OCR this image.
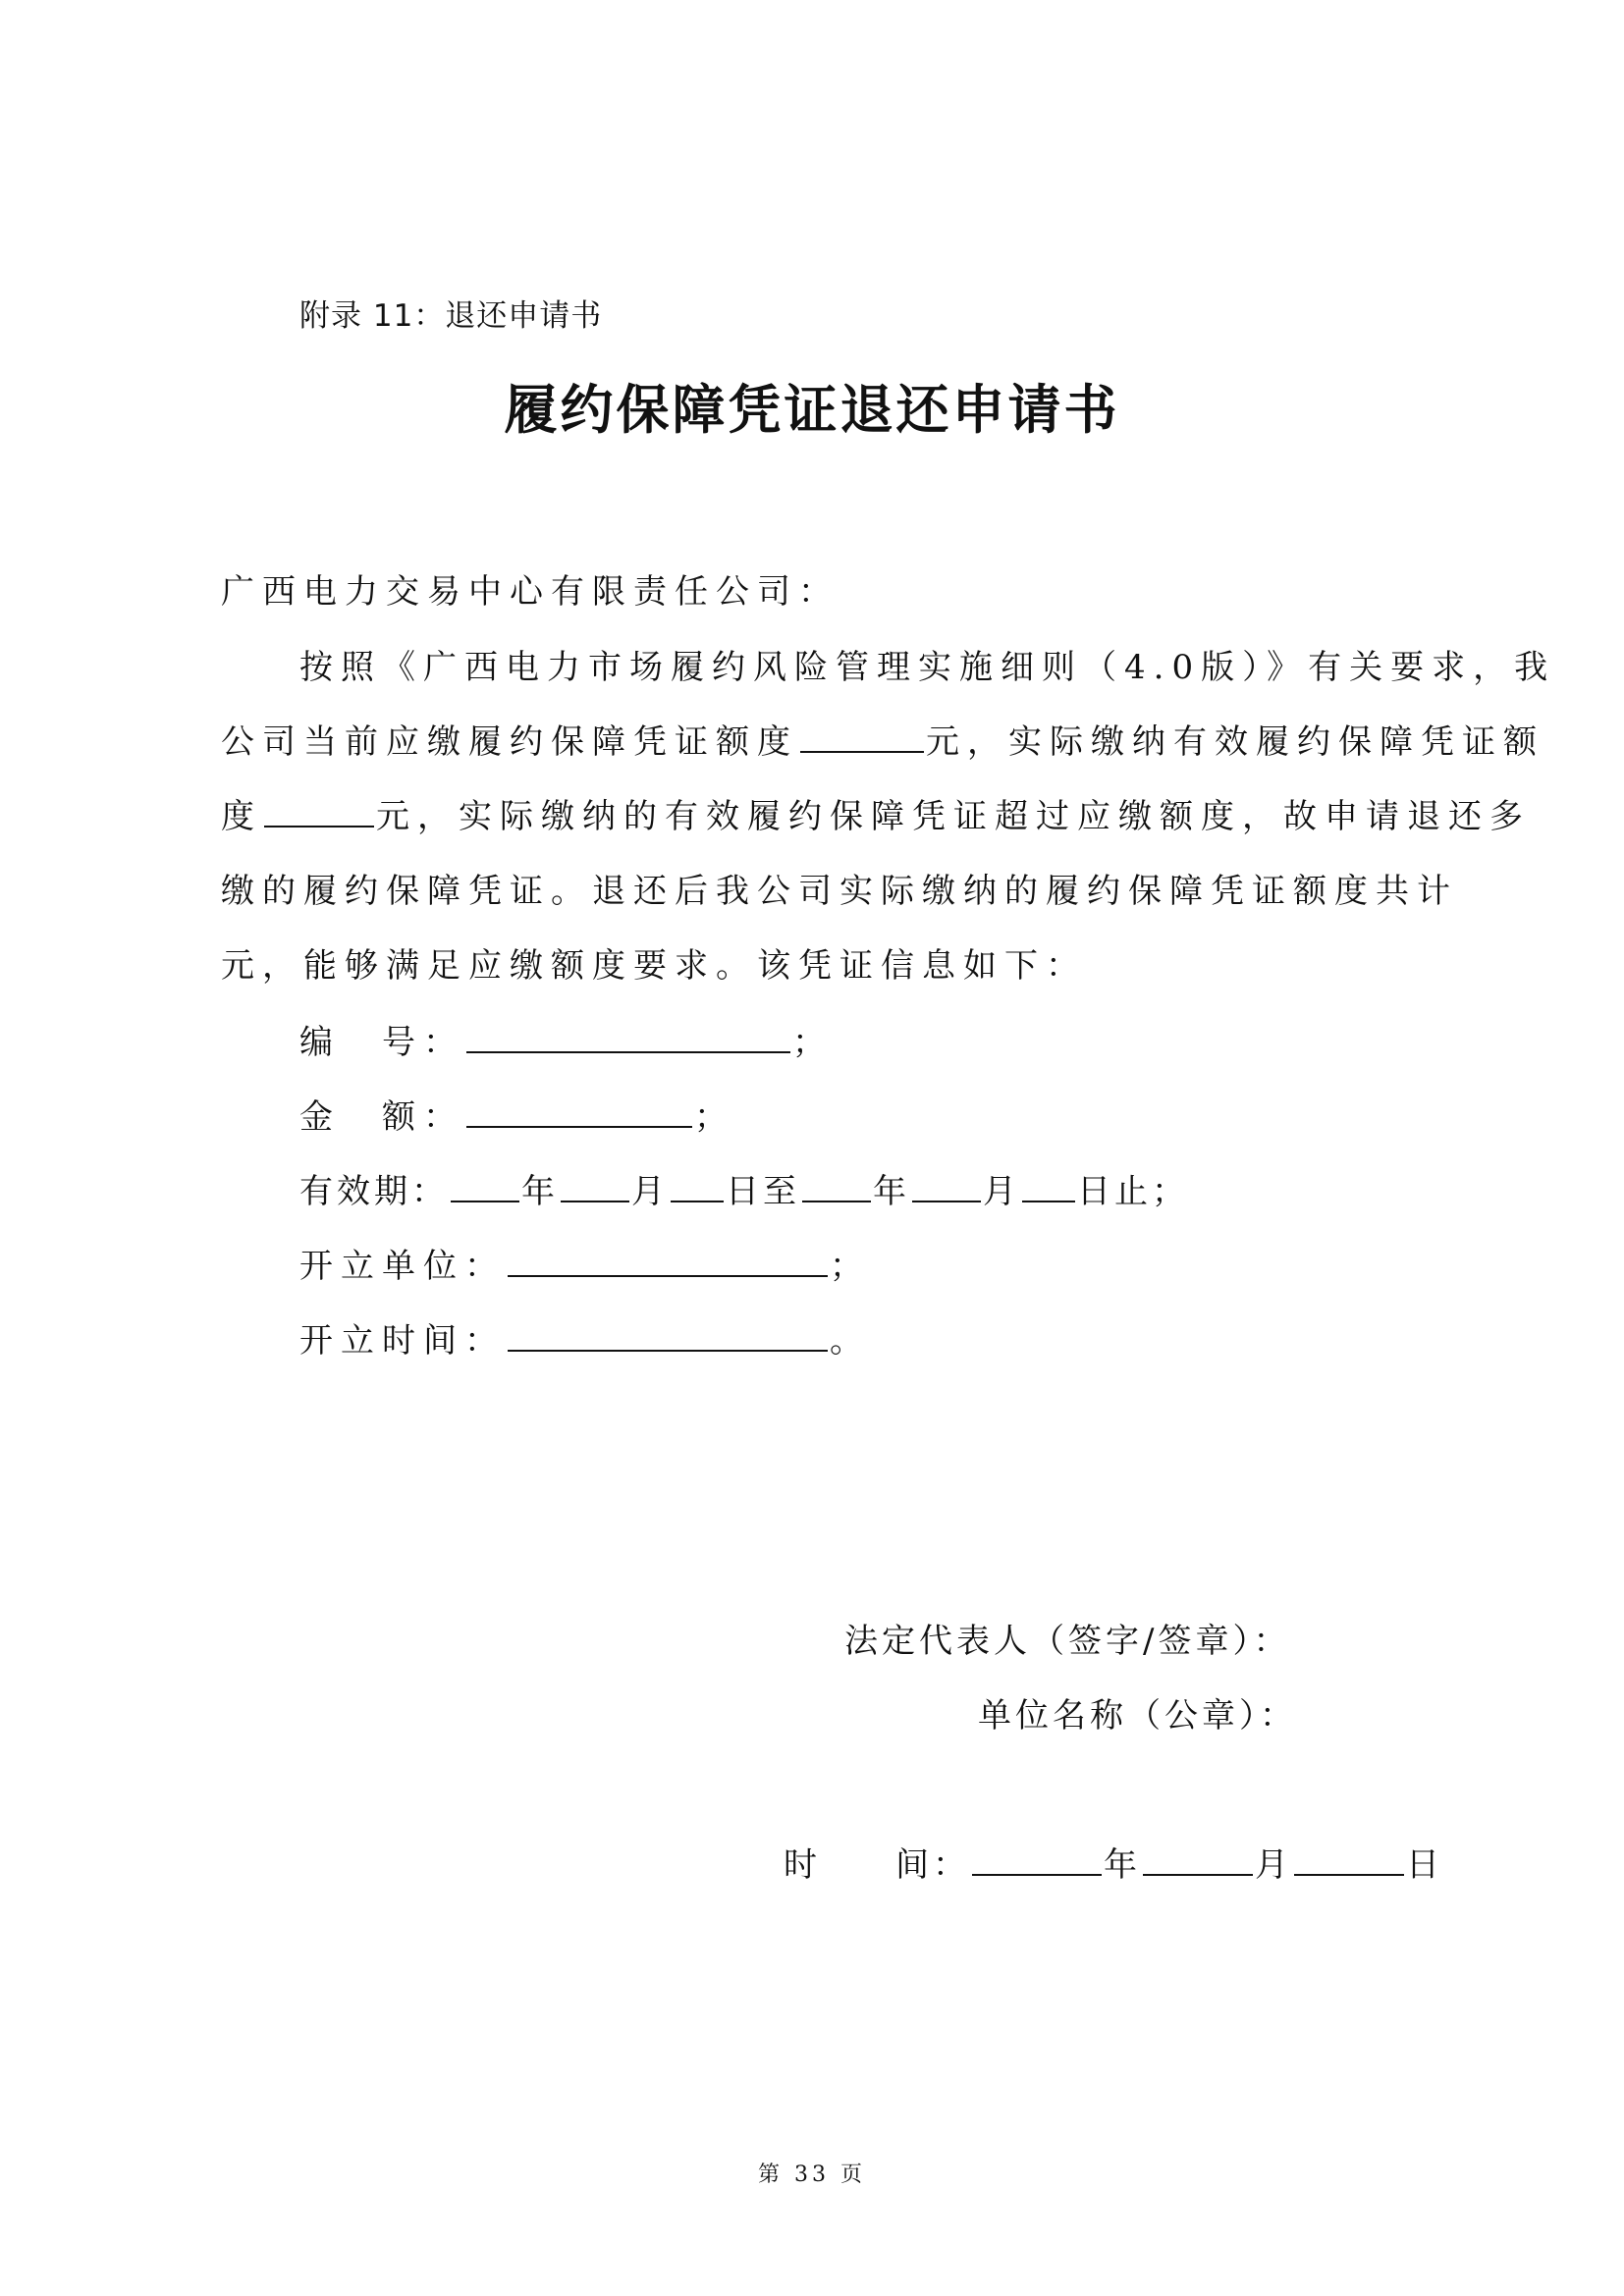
附录 11：退还申请书
履约保障凭证退还申请书
广西电力交易中心有限责任公司：
按照《广西电力市场履约风险管理实施细则（4.0版）》有关要求，我
公司当前应缴履约保障凭证额度	元，实际缴纳有效履约保障凭证额
度	元，实际缴纳的有效履约保障凭证超过应缴额度，故申请退还多
缴的履约保障凭证。退还后我公司实际缴纳的履约保障凭证额度共计
元，能够满足应缴额度要求。该凭证信息如下：
编　号：	；
金　额：	；
有效期： 年 月 日至 年 月 日止；
开立单位：	；
开立时间：	。
法定代表人（签字/签章）：
单位名称（公章）：
时　　间：	年	月	日
第 33 页
